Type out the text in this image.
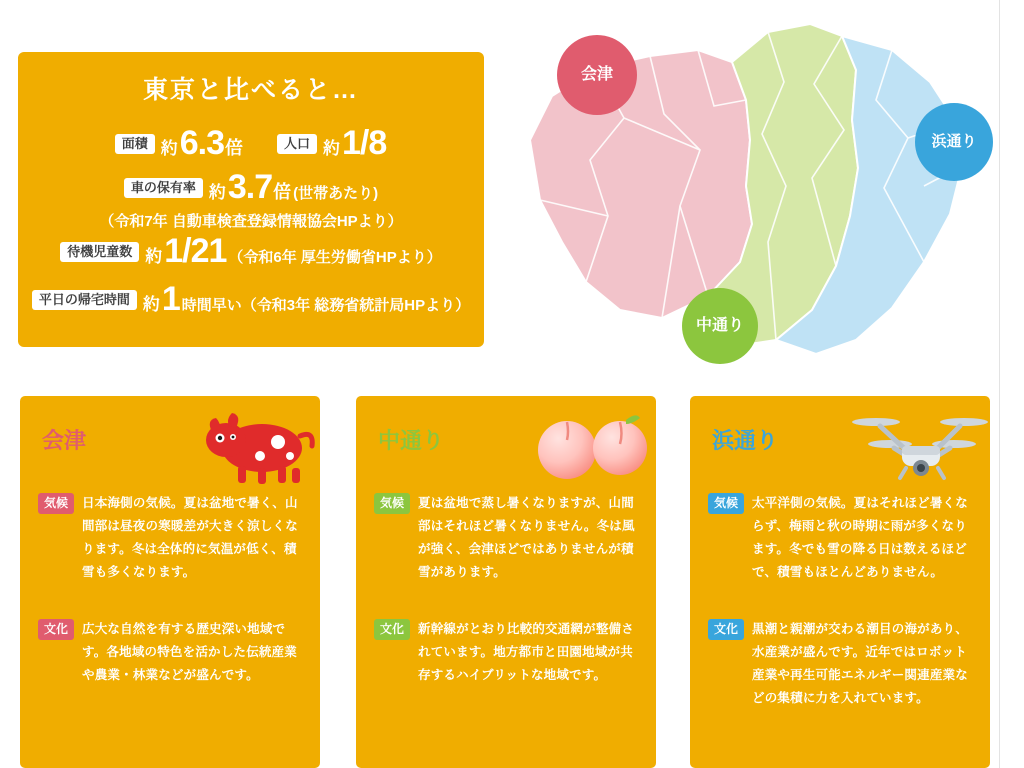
東京と比べると…
面積 約 6.3 倍	人口 約 1/8
車の保有率 約 3.7 倍 (世帯あたり)
（令和7年 自動車検査登録情報協会HPより）
待機児童数 約 1/21 （令和6年 厚生労働省HPより）
平日の帰宅時間 約 1 時間早い（令和3年 総務省統計局HPより）
会津
中通り
浜通り
会津
気候	日本海側の気候。夏は盆地で暑く、山間部は昼夜の寒暖差が大きく涼しくなります。冬は全体的に気温が低く、積雪も多くなります。
文化	広大な自然を有する歴史深い地域です。各地域の特色を活かした伝統産業や農業・林業などが盛んです。
中通り
気候	夏は盆地で蒸し暑くなりますが、山間部はそれほど暑くなりません。冬は風が強く、会津ほどではありませんが積雪があります。
文化	新幹線がとおり比較的交通網が整備されています。地方都市と田園地域が共存するハイブリットな地域です。
浜通り
気候	太平洋側の気候。夏はそれほど暑くならず、梅雨と秋の時期に雨が多くなります。冬でも雪の降る日は数えるほどで、積雪もほとんどありません。
文化	黒潮と親潮が交わる潮目の海があり、水産業が盛んです。近年ではロボット産業や再生可能エネルギー関連産業などの集積に力を入れています。
